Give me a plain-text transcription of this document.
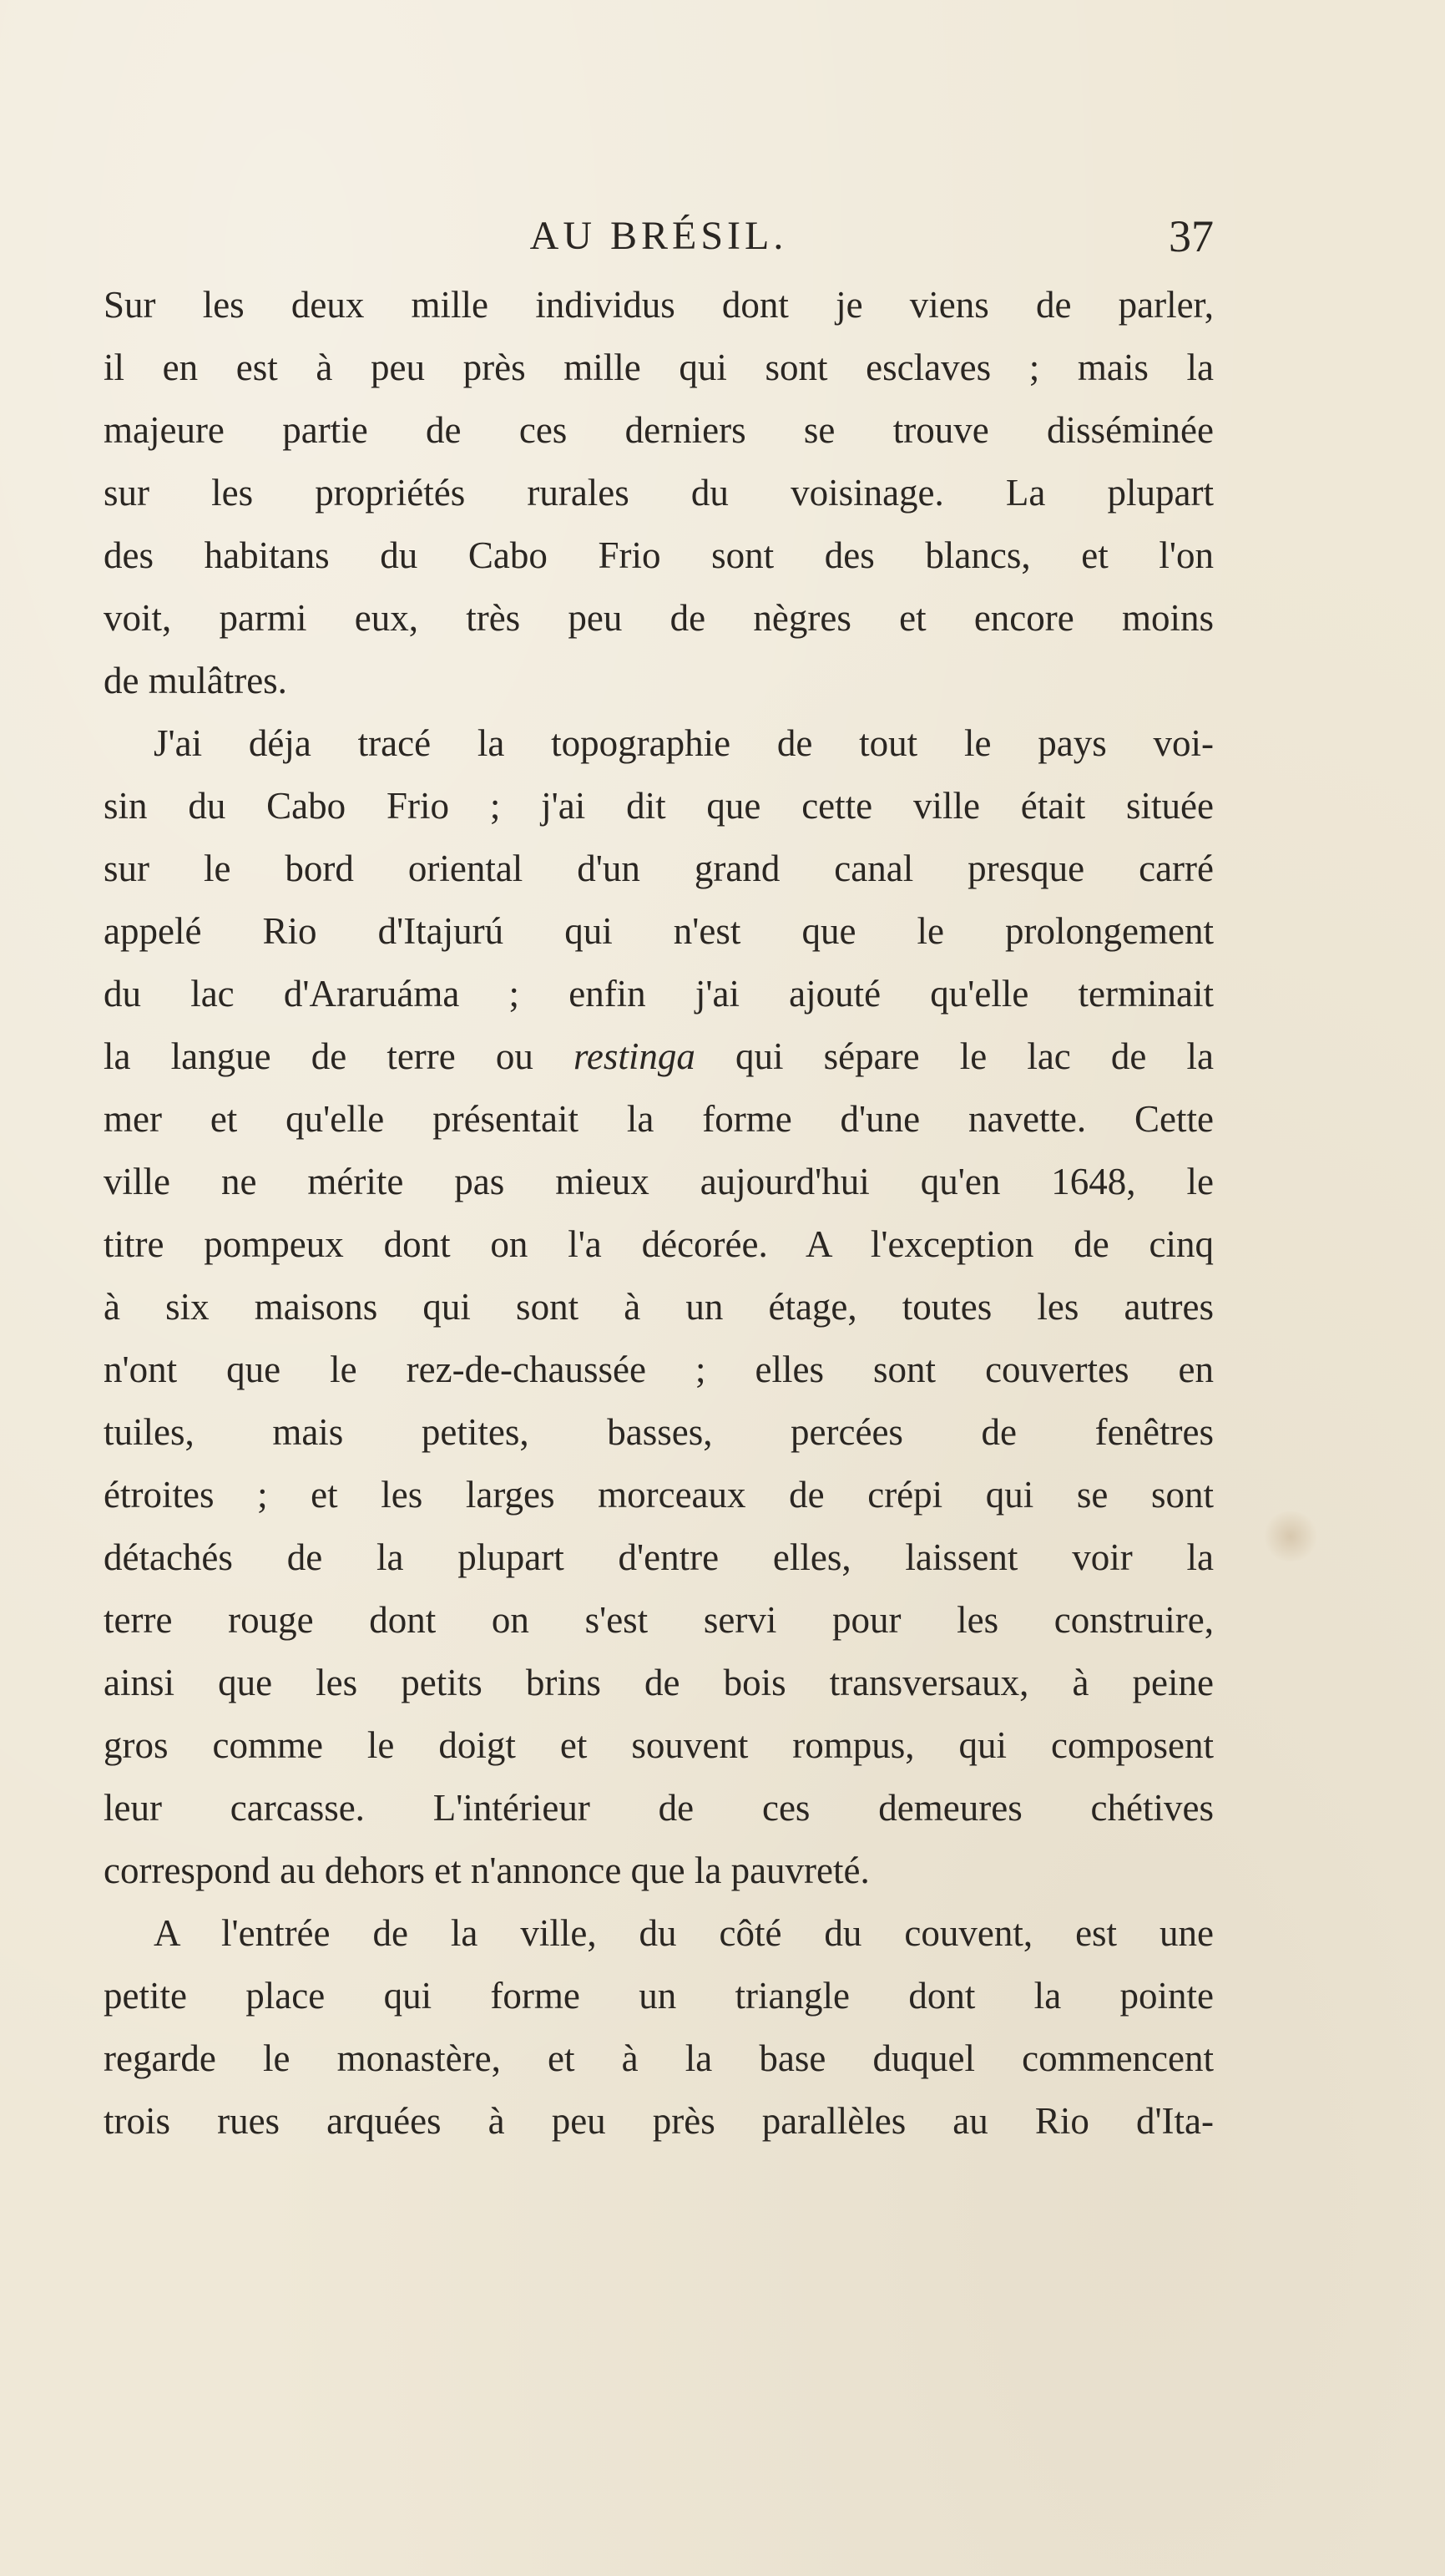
AU BRÉSIL.	37
Sur les deux mille individus dont je viens de parler,
il en est à peu près mille qui sont esclaves ; mais la
majeure partie de ces derniers se trouve disséminée
sur les propriétés rurales du voisinage. La plupart
des habitans du Cabo Frio sont des blancs, et l'on
voit, parmi eux, très peu de nègres et encore moins
de mulâtres.
J'ai déja tracé la topographie de tout le pays voi-
sin du Cabo Frio ; j'ai dit que cette ville était située
sur le bord oriental d'un grand canal presque carré
appelé Rio d'Itajurú qui n'est que le prolongement
du lac d'Araruáma ; enfin j'ai ajouté qu'elle terminait
la langue de terre ou restinga qui sépare le lac de la
mer et qu'elle présentait la forme d'une navette. Cette
ville ne mérite pas mieux aujourd'hui qu'en 1648, le
titre pompeux dont on l'a décorée. A l'exception de cinq
à six maisons qui sont à un étage, toutes les autres
n'ont que le rez-de-chaussée ; elles sont couvertes en
tuiles, mais petites, basses, percées de fenêtres
étroites ; et les larges morceaux de crépi qui se sont
détachés de la plupart d'entre elles, laissent voir la
terre rouge dont on s'est servi pour les construire,
ainsi que les petits brins de bois transversaux, à peine
gros comme le doigt et souvent rompus, qui composent
leur carcasse. L'intérieur de ces demeures chétives
correspond au dehors et n'annonce que la pauvreté.
A l'entrée de la ville, du côté du couvent, est une
petite place qui forme un triangle dont la pointe
regarde le monastère, et à la base duquel commencent
trois rues arquées à peu près parallèles au Rio d'Ita-
